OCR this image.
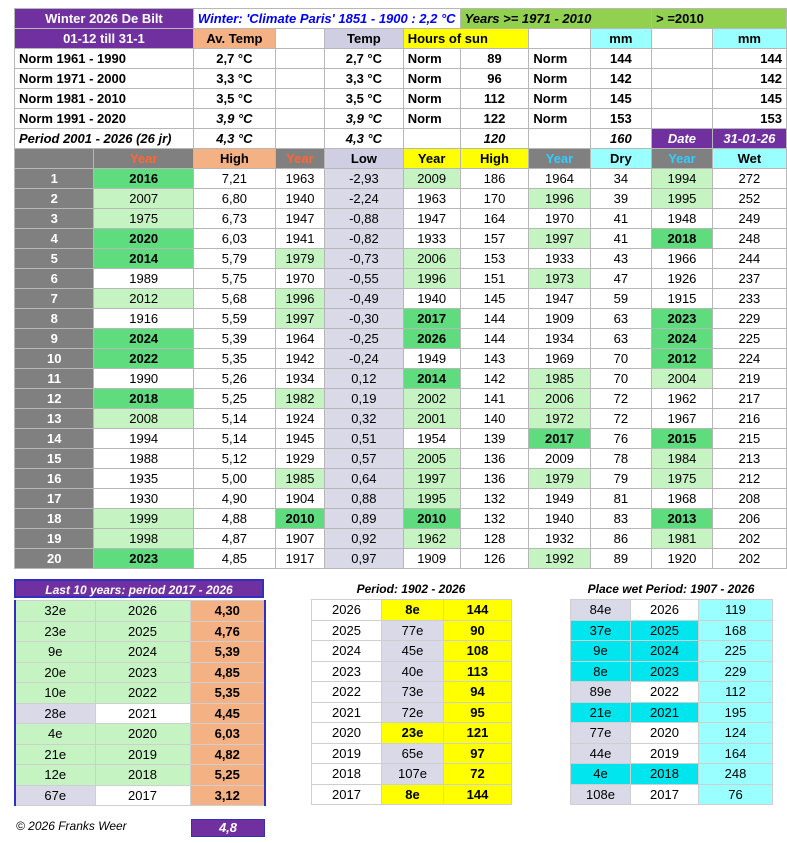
Winter 2026 De Bilt		Winter: 'Climate Paris' 1851 - 1900 : 2,2 °C				Years >= 1971 - 2010			> =2010	
01-12 till 31-1		Av. Temp		Temp	Hours of sun			mm		mm
Norm 1961 - 1990		2,7 °C		2,7 °C	Norm	89	Norm	144		144
Norm 1971 - 2000		3,3 °C		3,3 °C	Norm	96	Norm	142		142
Norm 1981 - 2010		3,5 °C		3,5 °C	Norm	112	Norm	145		145
Norm 1991 - 2020		3,9 °C		3,9 °C	Norm	122	Norm	153		153
Period 2001 - 2026 (26 jr)		4,3 °C		4,3 °C		120		160	Date	31-01-26
	Year	High	Year	Low	Year	High	Year	Dry	Year	Wet
1	2016	7,21	1963	-2,93	2009	186	1964	34	1994	272
2	2007	6,80	1940	-2,24	1963	170	1996	39	1995	252
3	1975	6,73	1947	-0,88	1947	164	1970	41	1948	249
4	2020	6,03	1941	-0,82	1933	157	1997	41	2018	248
5	2014	5,79	1979	-0,73	2006	153	1933	43	1966	244
6	1989	5,75	1970	-0,55	1996	151	1973	47	1926	237
7	2012	5,68	1996	-0,49	1940	145	1947	59	1915	233
8	1916	5,59	1997	-0,30	2017	144	1909	63	2023	229
9	2024	5,39	1964	-0,25	2026	144	1934	63	2024	225
10	2022	5,35	1942	-0,24	1949	143	1969	70	2012	224
11	1990	5,26	1934	0,12	2014	142	1985	70	2004	219
12	2018	5,25	1982	0,19	2002	141	2006	72	1962	217
13	2008	5,14	1924	0,32	2001	140	1972	72	1967	216
14	1994	5,14	1945	0,51	1954	139	2017	76	2015	215
15	1988	5,12	1929	0,57	2005	136	2009	78	1984	213
16	1935	5,00	1985	0,64	1997	136	1979	79	1975	212
17	1930	4,90	1904	0,88	1995	132	1949	81	1968	208
18	1999	4,88	2010	0,89	2010	132	1940	83	2013	206
19	1998	4,87	1907	0,92	1962	128	1932	86	1981	202
20	2023	4,85	1917	0,97	1909	126	1992	89	1920	202
Last 10 years: period 2017 - 2026
32e	2026	4,30
23e	2025	4,76
9e	2024	5,39
20e	2023	4,85
10e	2022	5,35
28e	2021	4,45
4e	2020	6,03
21e	2019	4,82
12e	2018	5,25
67e	2017	3,12
Period: 1902 - 2026
2026	8e	144
2025	77e	90
2024	45e	108
2023	40e	113
2022	73e	94
2021	72e	95
2020	23e	121
2019	65e	97
2018	107e	72
2017	8e	144
Place wet Period: 1907 - 2026
84e	2026	119
37e	2025	168
9e	2024	225
8e	2023	229
89e	2022	112
21e	2021	195
77e	2020	124
44e	2019	164
4e	2018	248
108e	2017	76
© 2026 Franks Weer	4,8
